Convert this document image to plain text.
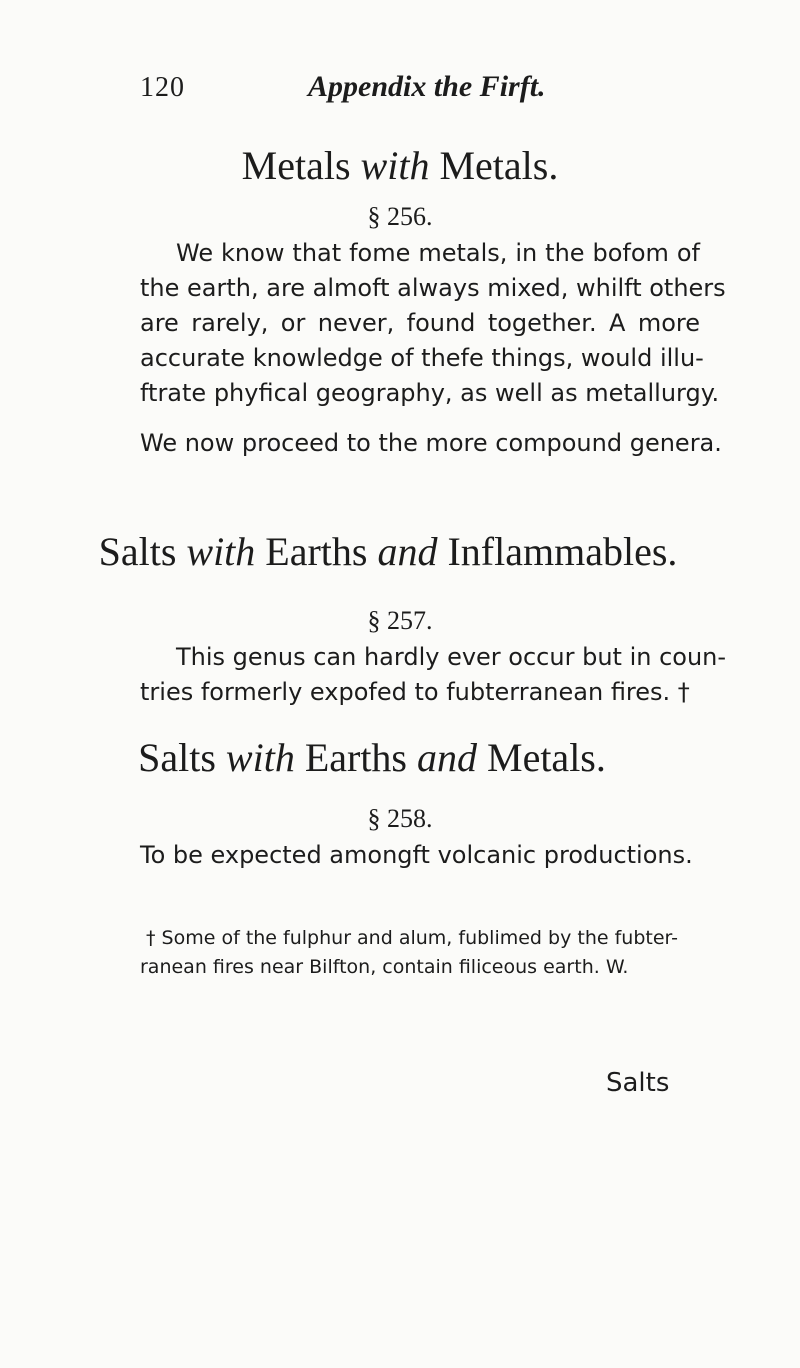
120	Appendix the Firft.
Metals with Metals.
§ 256.
We know that fome metals, in the bofom of
the earth, are almoft always mixed, whilft others
are rarely, or never, found together. A more
accurate knowledge of thefe things, would illu-
ftrate phyfical geography, as well as metallurgy.
We now proceed to the more compound genera.
Salts with Earths and Inflammables.
§ 257.
This genus can hardly ever occur but in coun-
tries formerly expofed to fubterranean fires. †
Salts with Earths and Metals.
§ 258.
To be expected amongft volcanic productions.
† Some of the fulphur and alum, fublimed by the fubter-
ranean fires near Bilfton, contain filiceous earth. W.
Salts
